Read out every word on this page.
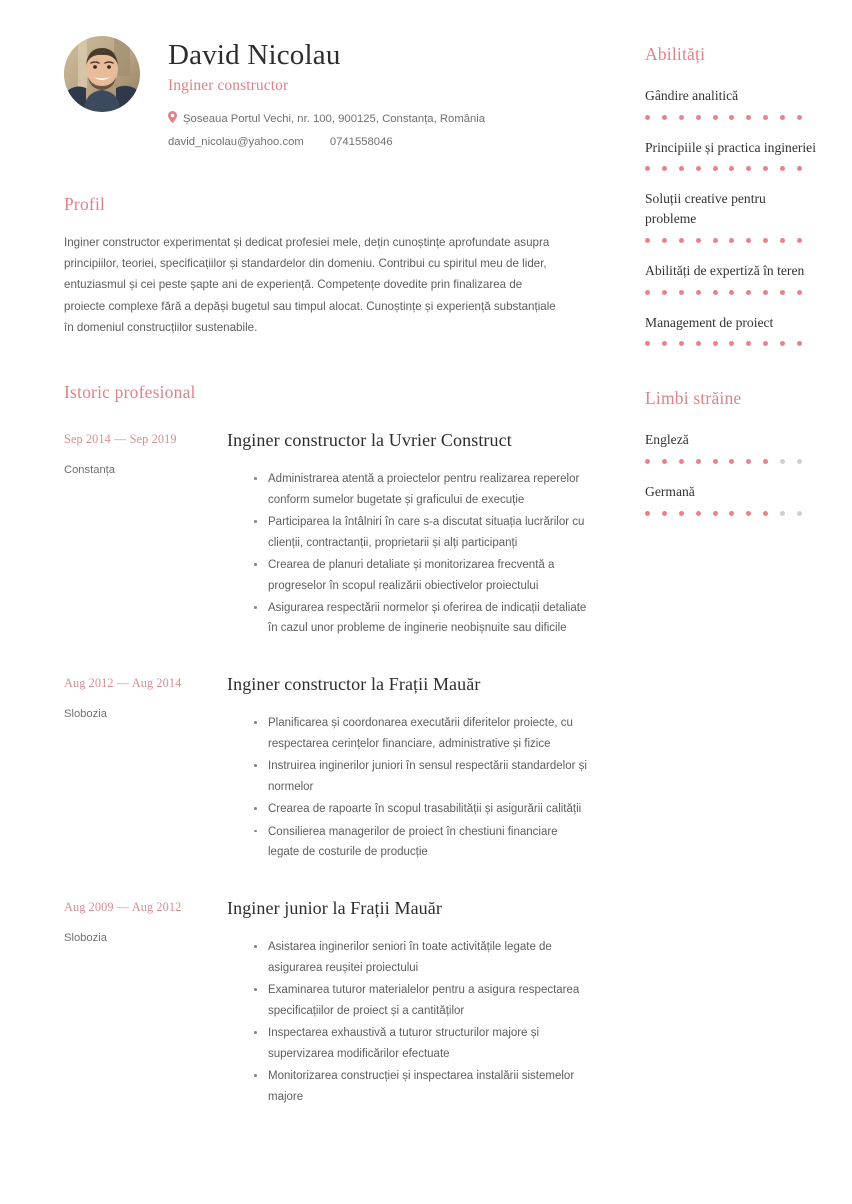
David Nicolau
Inginer constructor
Șoseaua Portul Vechi, nr. 100, 900125, Constanța, România
david_nicolau@yahoo.com 0741558046
Profil

Inginer constructor experimentat și dedicat profesiei mele, dețin cunoștințe aprofundate asupra principiilor, teoriei, specificațiilor și standardelor din domeniu. Contribui cu spiritul meu de lider, entuziasmul și cei peste șapte ani de experiență. Competențe dovedite prin finalizarea de proiecte complexe fără a depăși bugetul sau timpul alocat. Cunoștințe și experiență substanțiale în domeniul construcțiilor sustenabile.

Istoric profesional
Sep 2014 — Sep 2019
Constanța
Inginer constructor la Uvrier Construct
Administrarea atentă a proiectelor pentru realizarea reperelor conform sumelor bugetate și graficului de execuție
Participarea la întâlniri în care s-a discutat situația lucrărilor cu clienții, contractanții, proprietarii și alți participanți
Crearea de planuri detaliate și monitorizarea frecventă a progreselor în scopul realizării obiectivelor proiectului
Asigurarea respectării normelor și oferirea de indicații detaliate în cazul unor probleme de inginerie neobișnuite sau dificile
Aug 2012 — Aug 2014
Slobozia
Inginer constructor la Frații Mauăr
Planificarea și coordonarea executării diferitelor proiecte, cu respectarea cerințelor financiare, administrative și fizice
Instruirea inginerilor juniori în sensul respectării standardelor și normelor
Crearea de rapoarte în scopul trasabilității și asigurării calității
Consilierea managerilor de proiect în chestiuni financiare legate de costurile de producție
Aug 2009 — Aug 2012
Slobozia
Inginer junior la Frații Mauăr
Asistarea inginerilor seniori în toate activitățile legate de asigurarea reușitei proiectului
Examinarea tuturor materialelor pentru a asigura respectarea specificațiilor de proiect și a cantităților
Inspectarea exhaustivă a tuturor structurilor majore și supervizarea modificărilor efectuate
Monitorizarea construcției și inspectarea instalării sistemelor majore
Abilități
Gândire analitică
Principiile și practica ingineriei
Soluții creative pentru probleme
Abilități de expertiză în teren
Management de proiect
Limbi străine
Engleză
Germană
